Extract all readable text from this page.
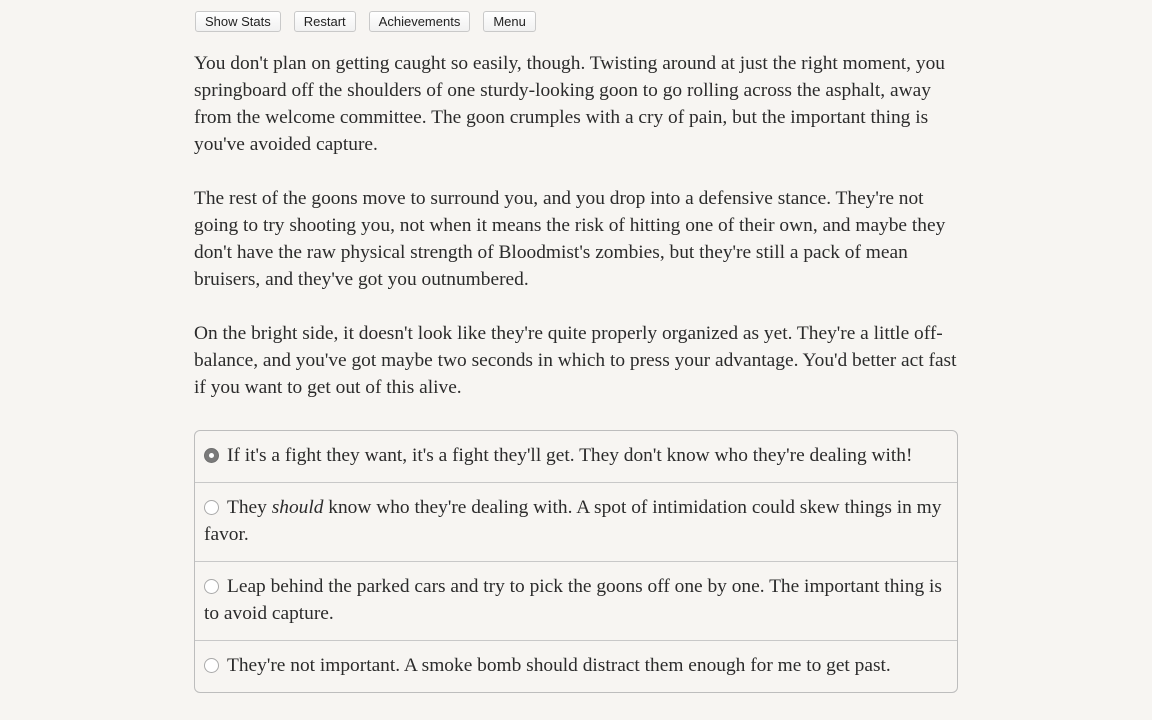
Show Stats	Restart	Achievements	Menu

You don't plan on getting caught so easily, though. Twisting around at just the right moment, you springboard off the shoulders of one sturdy-looking goon to go rolling across the asphalt, away from the welcome committee. The goon crumples with a cry of pain, but the important thing is you've avoided capture.

The rest of the goons move to surround you, and you drop into a defensive stance. They're not going to try shooting you, not when it means the risk of hitting one of their own, and maybe they don't have the raw physical strength of Bloodmist's zombies, but they're still a pack of mean bruisers, and they've got you outnumbered.

On the bright side, it doesn't look like they're quite properly organized as yet. They're a little off-balance, and you've got maybe two seconds in which to press your advantage. You'd better act fast if you want to get out of this alive.

If it's a fight they want, it's a fight they'll get. They don't know who they're dealing with!
They should know who they're dealing with. A spot of intimidation could skew things in my favor.
Leap behind the parked cars and try to pick the goons off one by one. The important thing is to avoid capture.
They're not important. A smoke bomb should distract them enough for me to get past.
